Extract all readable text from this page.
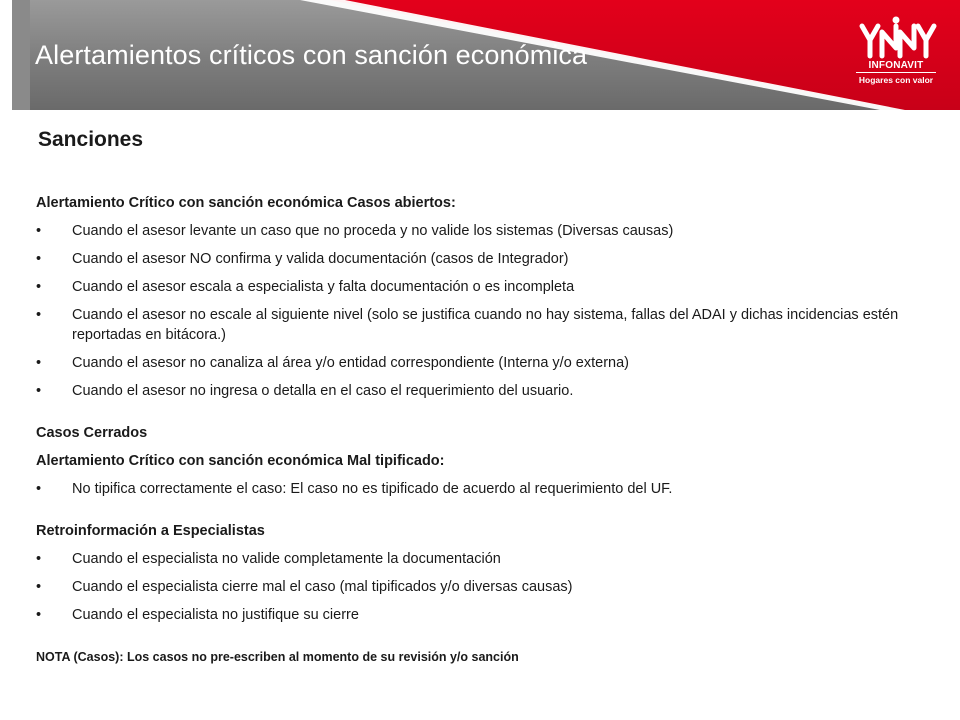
Alertamientos críticos con sanción económica	INFONAVIT
Hogares con valor
Sanciones

Alertamiento Crítico con sanción económica Casos abiertos:

• Cuando el asesor levante un caso que no proceda y no valide los sistemas (Diversas causas)
• Cuando el asesor NO confirma y valida documentación (casos de Integrador)
• Cuando el asesor escala a especialista y falta documentación o es incompleta
• Cuando el asesor no escale al siguiente nivel (solo se justifica cuando no hay sistema, fallas del ADAI y dichas incidencias estén reportadas en bitácora.)
• Cuando el asesor no canaliza al área y/o entidad correspondiente (Interna y/o externa)
• Cuando el asesor no ingresa o detalla en el caso el requerimiento del usuario.

Casos Cerrados

Alertamiento Crítico con sanción económica Mal tipificado:

• No tipifica correctamente el caso: El caso no es tipificado de acuerdo al requerimiento del UF.

Retroinformación a Especialistas

• Cuando el especialista no valide completamente la documentación
• Cuando el especialista cierre mal el caso (mal tipificados y/o diversas causas)
• Cuando el especialista no justifique su cierre

NOTA (Casos): Los casos no pre-escriben al momento de su revisión y/o sanción
